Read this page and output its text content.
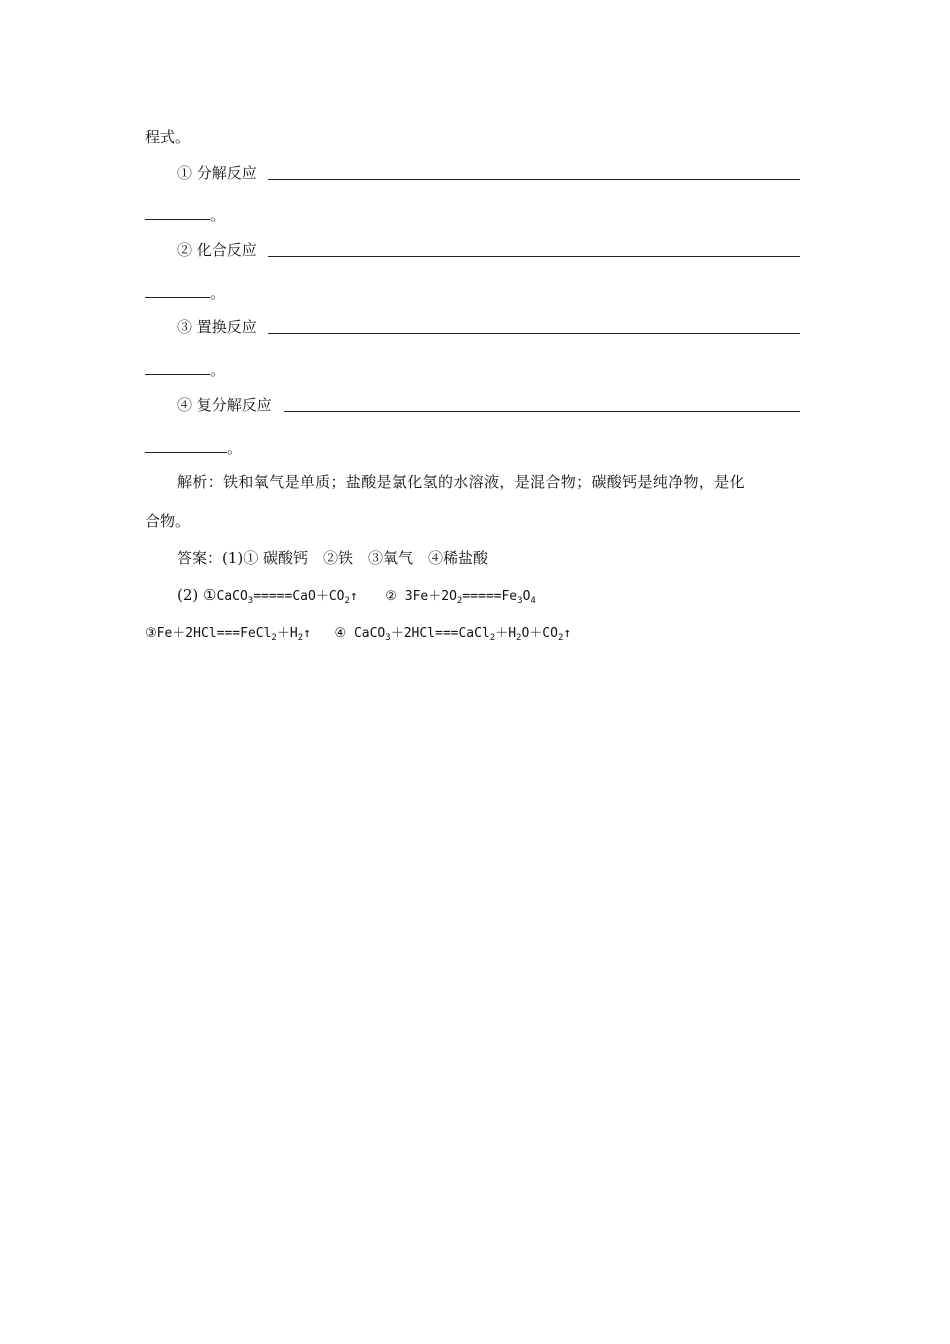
程式。
① 分解反应
。
② 化合反应
。
③ 置换反应
。
④ 复分解反应
。
解析：铁和氧气是单质；盐酸是氯化氢的水溶液，是混合物；碳酸钙是纯净物，是化
合物。
答案：(1)① 碳酸钙　②铁　③氧气　④稀盐酸
(2) $①CaCO_3=====CaO+CO_2↑$ ② $3Fe+2O_2=====Fe_3O_4$
$③Fe+2HCl===FeCl_2+H_2↑$ ④ $CaCO_3+2HCl===CaCl_2+H_2O+CO_2↑$
